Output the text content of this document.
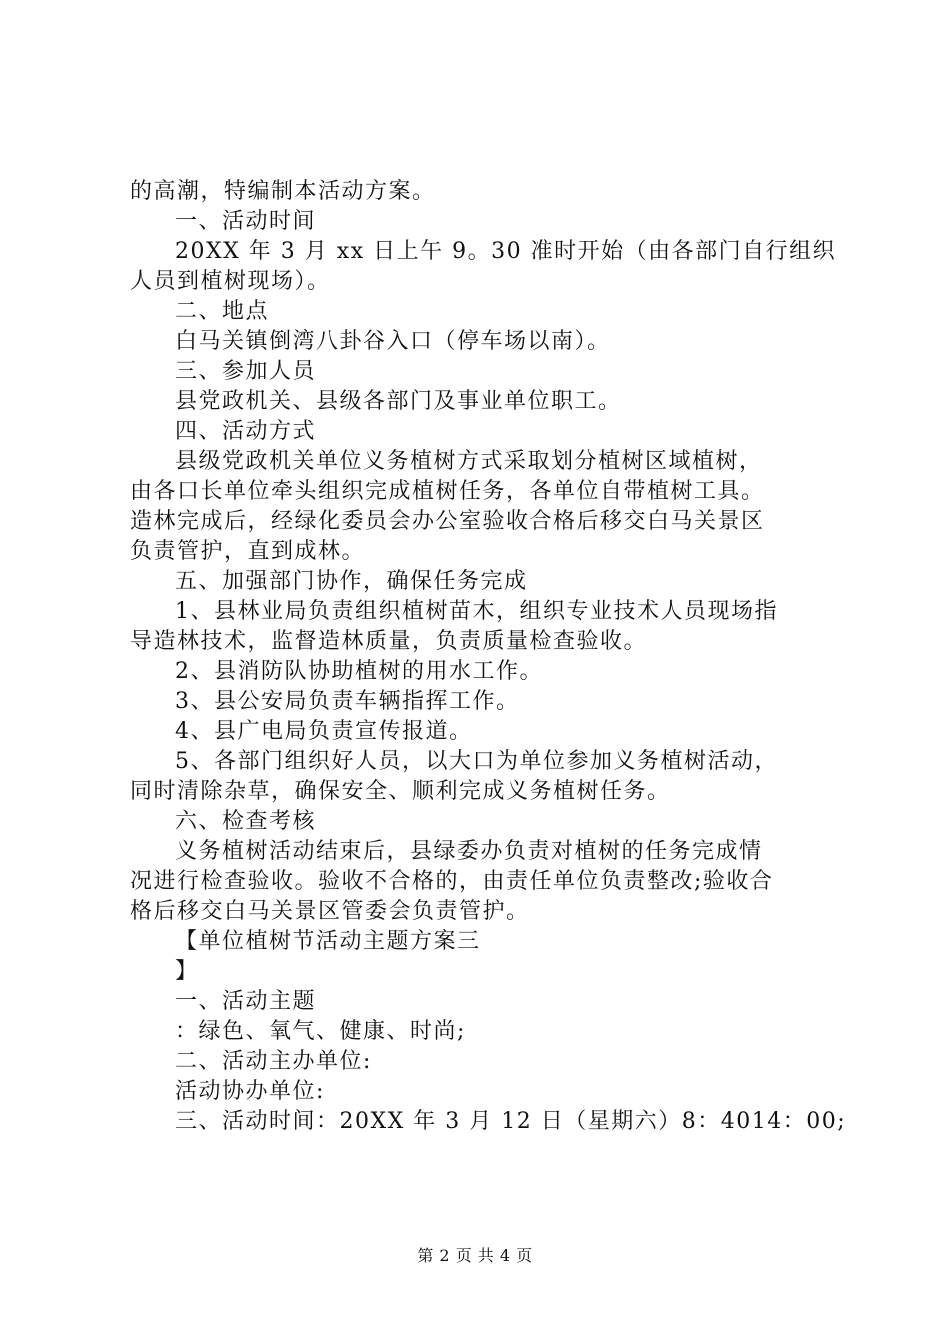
的高潮，特编制本活动方案。
一、活动时间
20XX 年 3 月 xx 日上午 9。30 准时开始（由各部门自行组织
人员到植树现场）。
二、地点
白马关镇倒湾八卦谷入口（停车场以南）。
三、参加人员
县党政机关、县级各部门及事业单位职工。
四、活动方式
县级党政机关单位义务植树方式采取划分植树区域植树，
由各口长单位牵头组织完成植树任务，各单位自带植树工具。
造林完成后，经绿化委员会办公室验收合格后移交白马关景区
负责管护，直到成林。
五、加强部门协作，确保任务完成
1、县林业局负责组织植树苗木，组织专业技术人员现场指
导造林技术，监督造林质量，负责质量检查验收。
2、县消防队协助植树的用水工作。
3、县公安局负责车辆指挥工作。
4、县广电局负责宣传报道。
5、各部门组织好人员，以大口为单位参加义务植树活动，
同时清除杂草，确保安全、顺利完成义务植树任务。
六、检查考核
义务植树活动结束后，县绿委办负责对植树的任务完成情
况进行检查验收。验收不合格的，由责任单位负责整改;验收合
格后移交白马关景区管委会负责管护。
【单位植树节活动主题方案三
】
一、活动主题
：绿色、氧气、健康、时尚;
二、活动主办单位:
活动协办单位:
三、活动时间：20XX 年 3 月 12 日（星期六）8：4014：00;
第 2 页 共 4 页
